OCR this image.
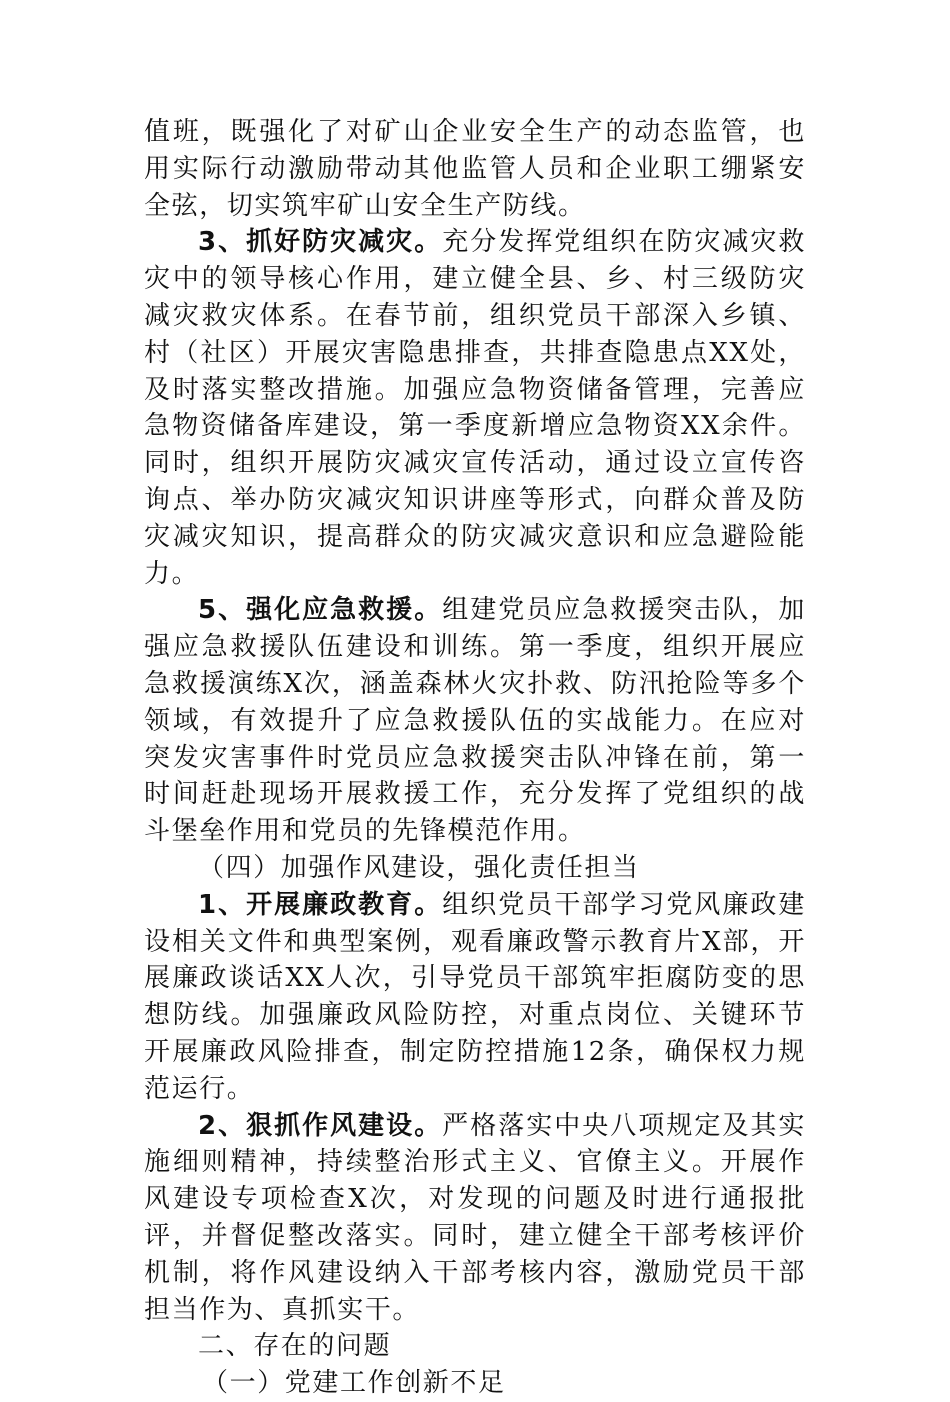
值班，既强化了对矿山企业安全生产的动态监管，也用实际行动激励带动其他监管人员和企业职工绷紧安全弦，切实筑牢矿山安全生产防线。

3、抓好防灾减灾。充分发挥党组织在防灾减灾救灾中的领导核心作用，建立健全县、乡、村三级防灾减灾救灾体系。在春节前，组织党员干部深入乡镇、村（社区）开展灾害隐患排查，共排查隐患点XX处，及时落实整改措施。加强应急物资储备管理，完善应急物资储备库建设，第一季度新增应急物资XX余件。同时，组织开展防灾减灾宣传活动，通过设立宣传咨询点、举办防灾减灾知识讲座等形式，向群众普及防灾减灾知识，提高群众的防灾减灾意识和应急避险能力。

5、强化应急救援。组建党员应急救援突击队，加强应急救援队伍建设和训练。第一季度，组织开展应急救援演练X次，涵盖森林火灾扑救、防汛抢险等多个领域，有效提升了应急救援队伍的实战能力。在应对突发灾害事件时党员应急救援突击队冲锋在前，第一时间赶赴现场开展救援工作，充分发挥了党组织的战斗堡垒作用和党员的先锋模范作用。

（四）加强作风建设，强化责任担当

1、开展廉政教育。组织党员干部学习党风廉政建设相关文件和典型案例，观看廉政警示教育片X部，开展廉政谈话XX人次，引导党员干部筑牢拒腐防变的思想防线。加强廉政风险防控，对重点岗位、关键环节开展廉政风险排查，制定防控措施12条，确保权力规范运行。

2、狠抓作风建设。严格落实中央八项规定及其实施细则精神，持续整治形式主义、官僚主义。开展作风建设专项检查X次，对发现的问题及时进行通报批评，并督促整改落实。同时，建立健全干部考核评价机制，将作风建设纳入干部考核内容，激励党员干部担当作为、真抓实干。

二、存在的问题

（一）党建工作创新不足
